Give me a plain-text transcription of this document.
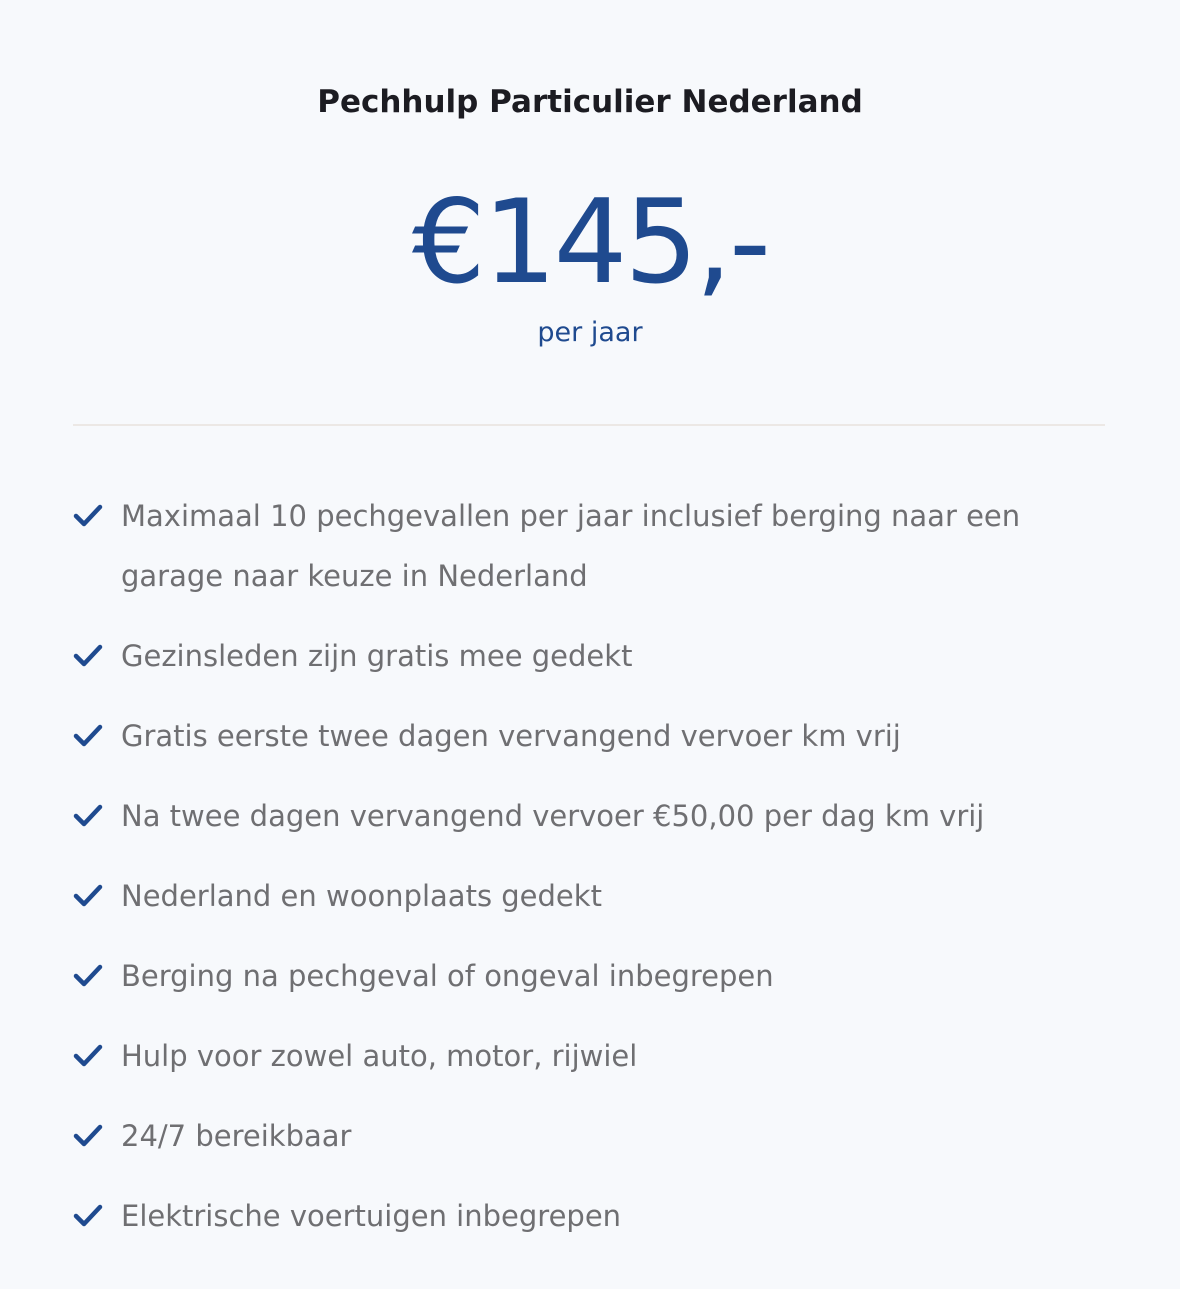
Pechhulp Particulier Nederland
€145,-
per jaar
Maximaal 10 pechgevallen per jaar inclusief berging naar een garage naar keuze in Nederland
Gezinsleden zijn gratis mee gedekt
Gratis eerste twee dagen vervangend vervoer km vrij
Na twee dagen vervangend vervoer €50,00 per dag km vrij
Nederland en woonplaats gedekt
Berging na pechgeval of ongeval inbegrepen
Hulp voor zowel auto, motor, rijwiel
24/7 bereikbaar
Elektrische voertuigen inbegrepen
